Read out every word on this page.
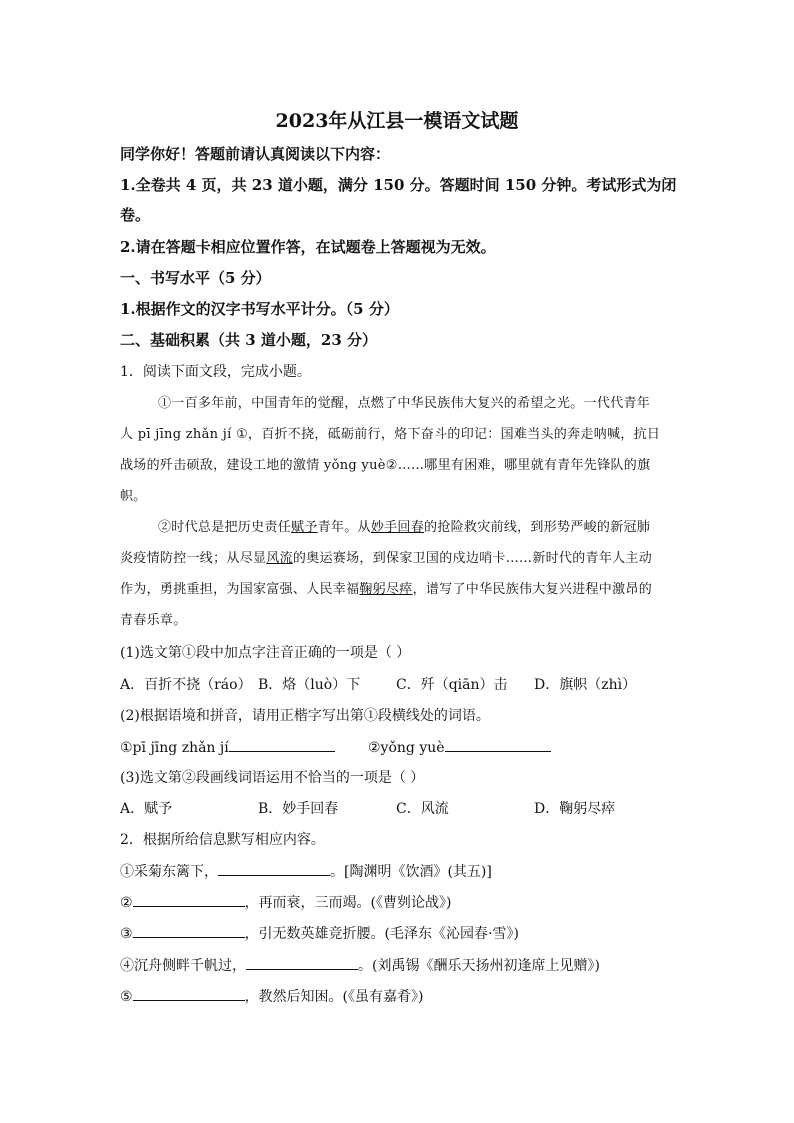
2023年从江县一模语文试题
同学你好！答题前请认真阅读以下内容：
1.全卷共 4 页，共 23 道小题，满分 150 分。答题时间 150 分钟。考试形式为闭
卷。
2.请在答题卡相应位置作答，在试题卷上答题视为无效。
一、书写水平（5 分）
1.根据作文的汉字书写水平计分。（5 分）
二、基础积累（共 3 道小题，23 分）
1．阅读下面文段，完成小题。
①一百多年前，中国青年的觉醒，点燃了中华民族伟大复兴的希望之光。一代代青年
人 pī jīng zhǎn jí ①，百折不挠，砥砺前行，烙下奋斗的印记：国难当头的奔走呐喊，抗日
战场的歼击硕敌，建设工地的激情 yǒng yuè②……哪里有困难，哪里就有青年先锋队的旗
帜。
②时代总是把历史责任赋予青年。从妙手回春的抢险救灾前线，到形势严峻的新冠肺
炎疫情防控一线；从尽显风流的奥运赛场，到保家卫国的戍边哨卡……新时代的青年人主动
作为，勇挑重担，为国家富强、人民幸福鞠躬尽瘁，谱写了中华民族伟大复兴进程中激昂的
青春乐章。
(1)选文第①段中加点字注音正确的一项是（ ）
A．百折不挠（ráo） B．烙（luò）下	C．歼（qiān）击 D．旗帜（zhì）
(2)根据语境和拼音，请用正楷字写出第①段横线处的词语。
①pī jīng zhǎn jí	②yǒng yuè
(3)选文第②段画线词语运用不恰当的一项是（ ）
A．赋予	B．妙手回春	C．风流	D．鞠躬尽瘁
2．根据所给信息默写相应内容。
①采菊东篱下，	。[陶渊明《饮酒》(其五)]
②	，再而衰，三而竭。(《曹刿论战》)
③	，引无数英雄竞折腰。(毛泽东《沁园春·雪》)
④沉舟侧畔千帆过，	。(刘禹锡《酬乐天扬州初逢席上见赠》)
⑤	，教然后知困。(《虽有嘉肴》)
